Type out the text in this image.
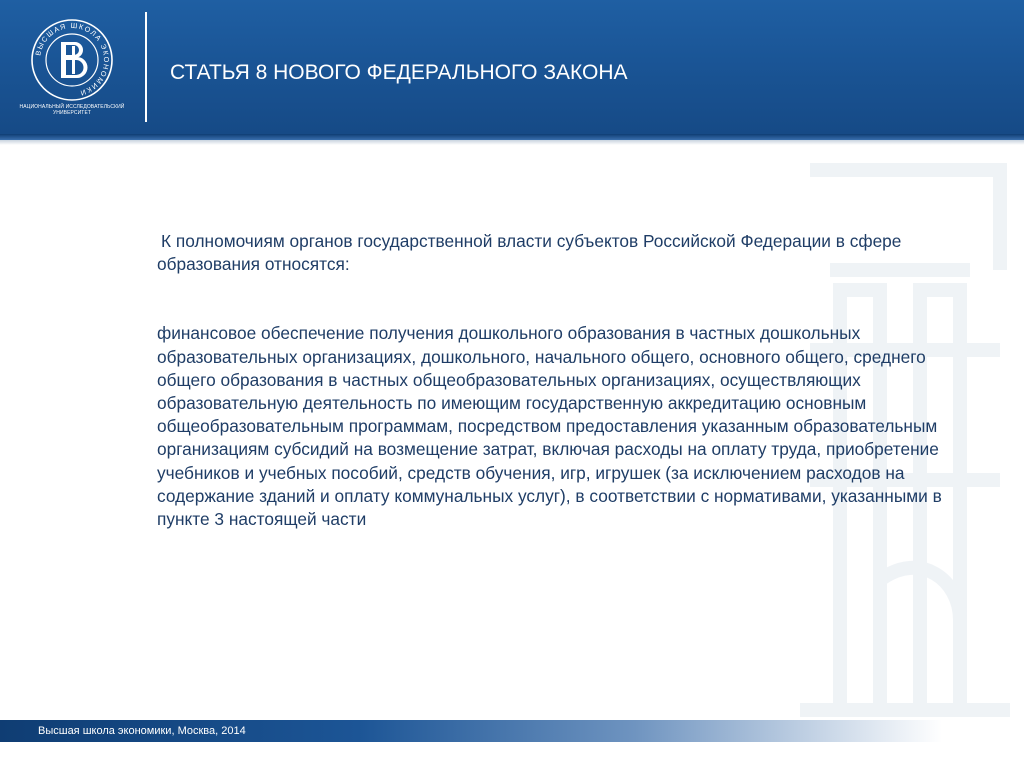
ВЫСШАЯ ШКОЛА ЭКОНОМИКИ
НАЦИОНАЛЬНЫЙ ИССЛЕДОВАТЕЛЬСКИЙ
УНИВЕРСИТЕТ
СТАТЬЯ 8 НОВОГО ФЕДЕРАЛЬНОГО ЗАКОНА

К полномочиям органов государственной власти субъектов Российской Федерации в сфере образования относятся:

финансовое обеспечение получения дошкольного образования в частных дошкольных образовательных организациях, дошкольного, начального общего, основного общего, среднего общего образования в частных общеобразовательных организациях, осуществляющих образовательную деятельность по имеющим государственную аккредитацию основным общеобразовательным программам, посредством предоставления указанным образовательным организациям субсидий на возмещение затрат, включая расходы на оплату труда, приобретение учебников и учебных пособий, средств обучения, игр, игрушек (за исключением расходов на содержание зданий и оплату коммунальных услуг), в соответствии с нормативами, указанными в пункте 3 настоящей части

Высшая школа экономики, Москва, 2014
